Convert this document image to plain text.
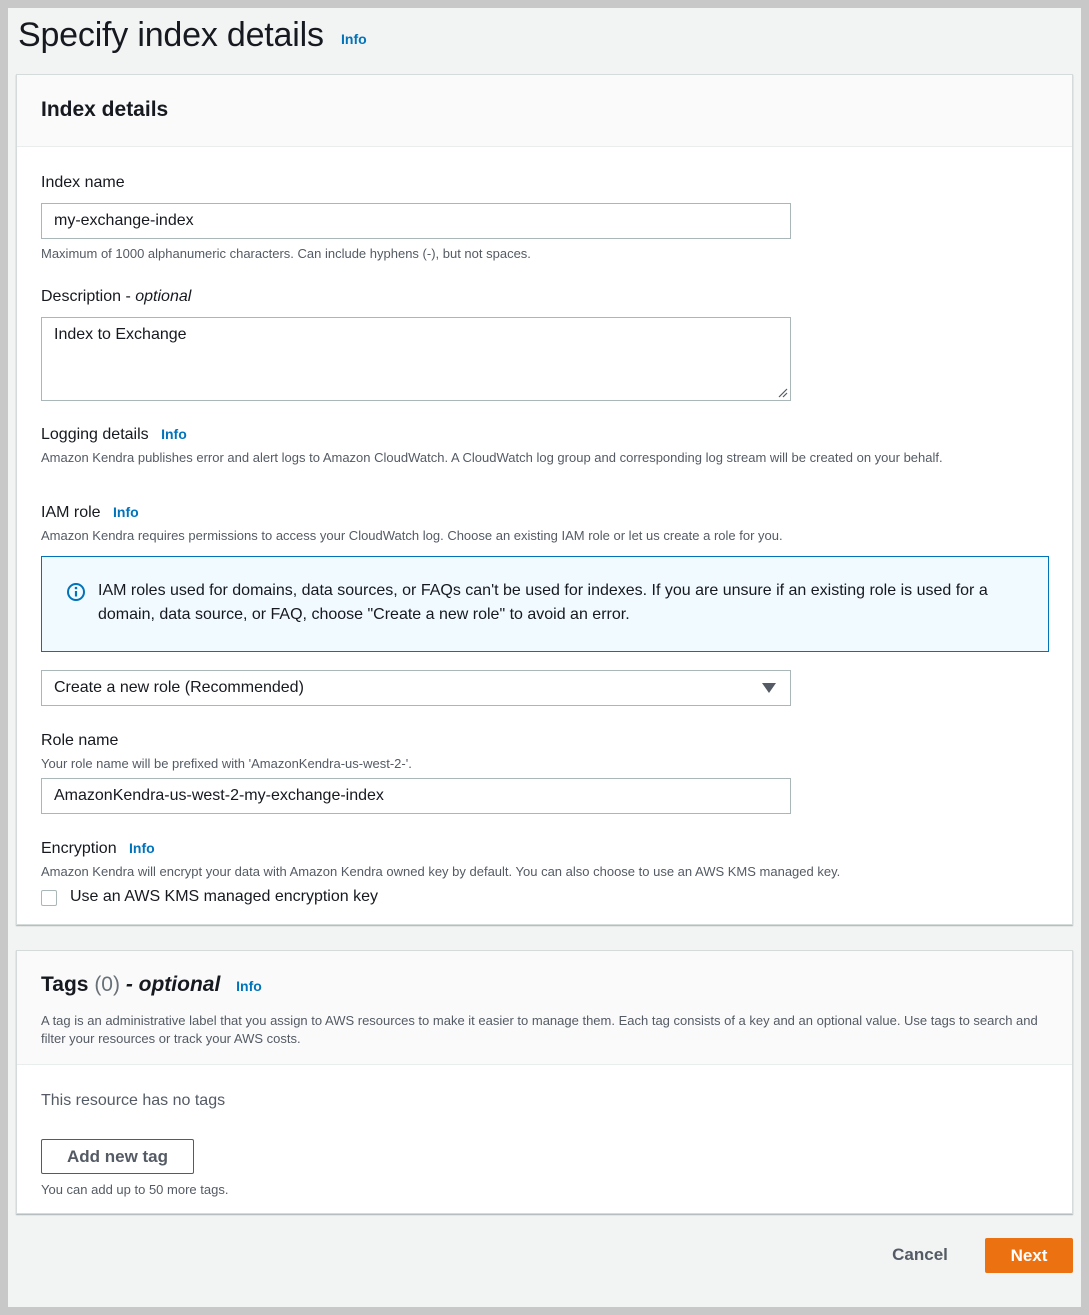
Specify index details Info
Index details
Index name
my-exchange-index
Maximum of 1000 alphanumeric characters. Can include hyphens (-), but not spaces.
Description - optional
Index to Exchange
Logging details Info
Amazon Kendra publishes error and alert logs to Amazon CloudWatch. A CloudWatch log group and corresponding log stream will be created on your behalf.
IAM role Info
Amazon Kendra requires permissions to access your CloudWatch log. Choose an existing IAM role or let us create a role for you.
IAM roles used for domains, data sources, or FAQs can't be used for indexes. If you are unsure if an existing role is used for a domain, data source, or FAQ, choose "Create a new role" to avoid an error.
Create a new role (Recommended)
Role name
Your role name will be prefixed with 'AmazonKendra-us-west-2-'.
AmazonKendra-us-west-2-my-exchange-index
Encryption Info
Amazon Kendra will encrypt your data with Amazon Kendra owned key by default. You can also choose to use an AWS KMS managed key.
Use an AWS KMS managed encryption key
Tags (0) - optional Info
A tag is an administrative label that you assign to AWS resources to make it easier to manage them. Each tag consists of a key and an optional value. Use tags to search and filter your resources or track your AWS costs.
This resource has no tags
Add new tag
You can add up to 50 more tags.
Cancel	Next
